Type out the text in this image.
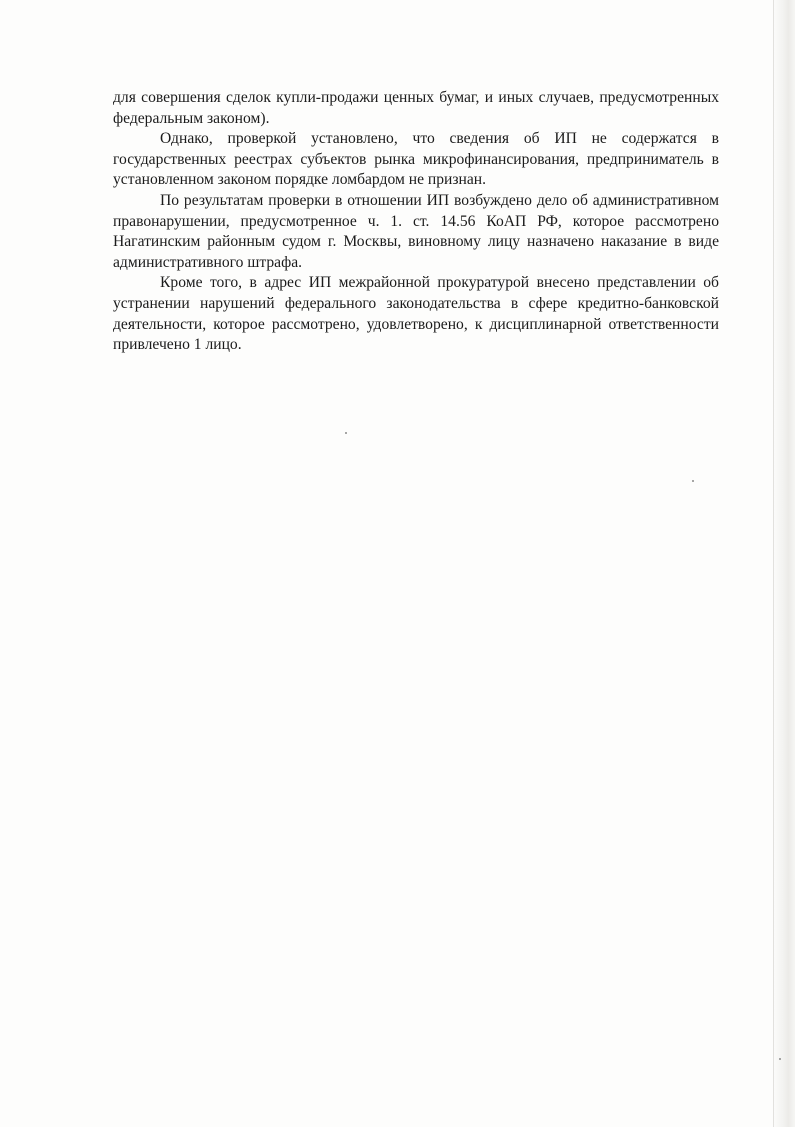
для совершения сделок купли-продажи ценных бумаг, и иных случаев, предусмотренных федеральным законом).

Однако, проверкой установлено, что сведения об ИП не содержатся в государственных реестрах субъектов рынка микрофинансирования, предприниматель в установленном законом порядке ломбардом не признан.

По результатам проверки в отношении ИП возбуждено дело об административном правонарушении, предусмотренное ч. 1. ст. 14.56 КоАП РФ, которое рассмотрено Нагатинским районным судом г. Москвы, виновному лицу назначено наказание в виде административного штрафа.

Кроме того, в адрес ИП межрайонной прокуратурой внесено представлении об устранении нарушений федерального законодательства в сфере кредитно-банковской деятельности, которое рассмотрено, удовлетворено, к дисциплинарной ответственности привлечено 1 лицо.
